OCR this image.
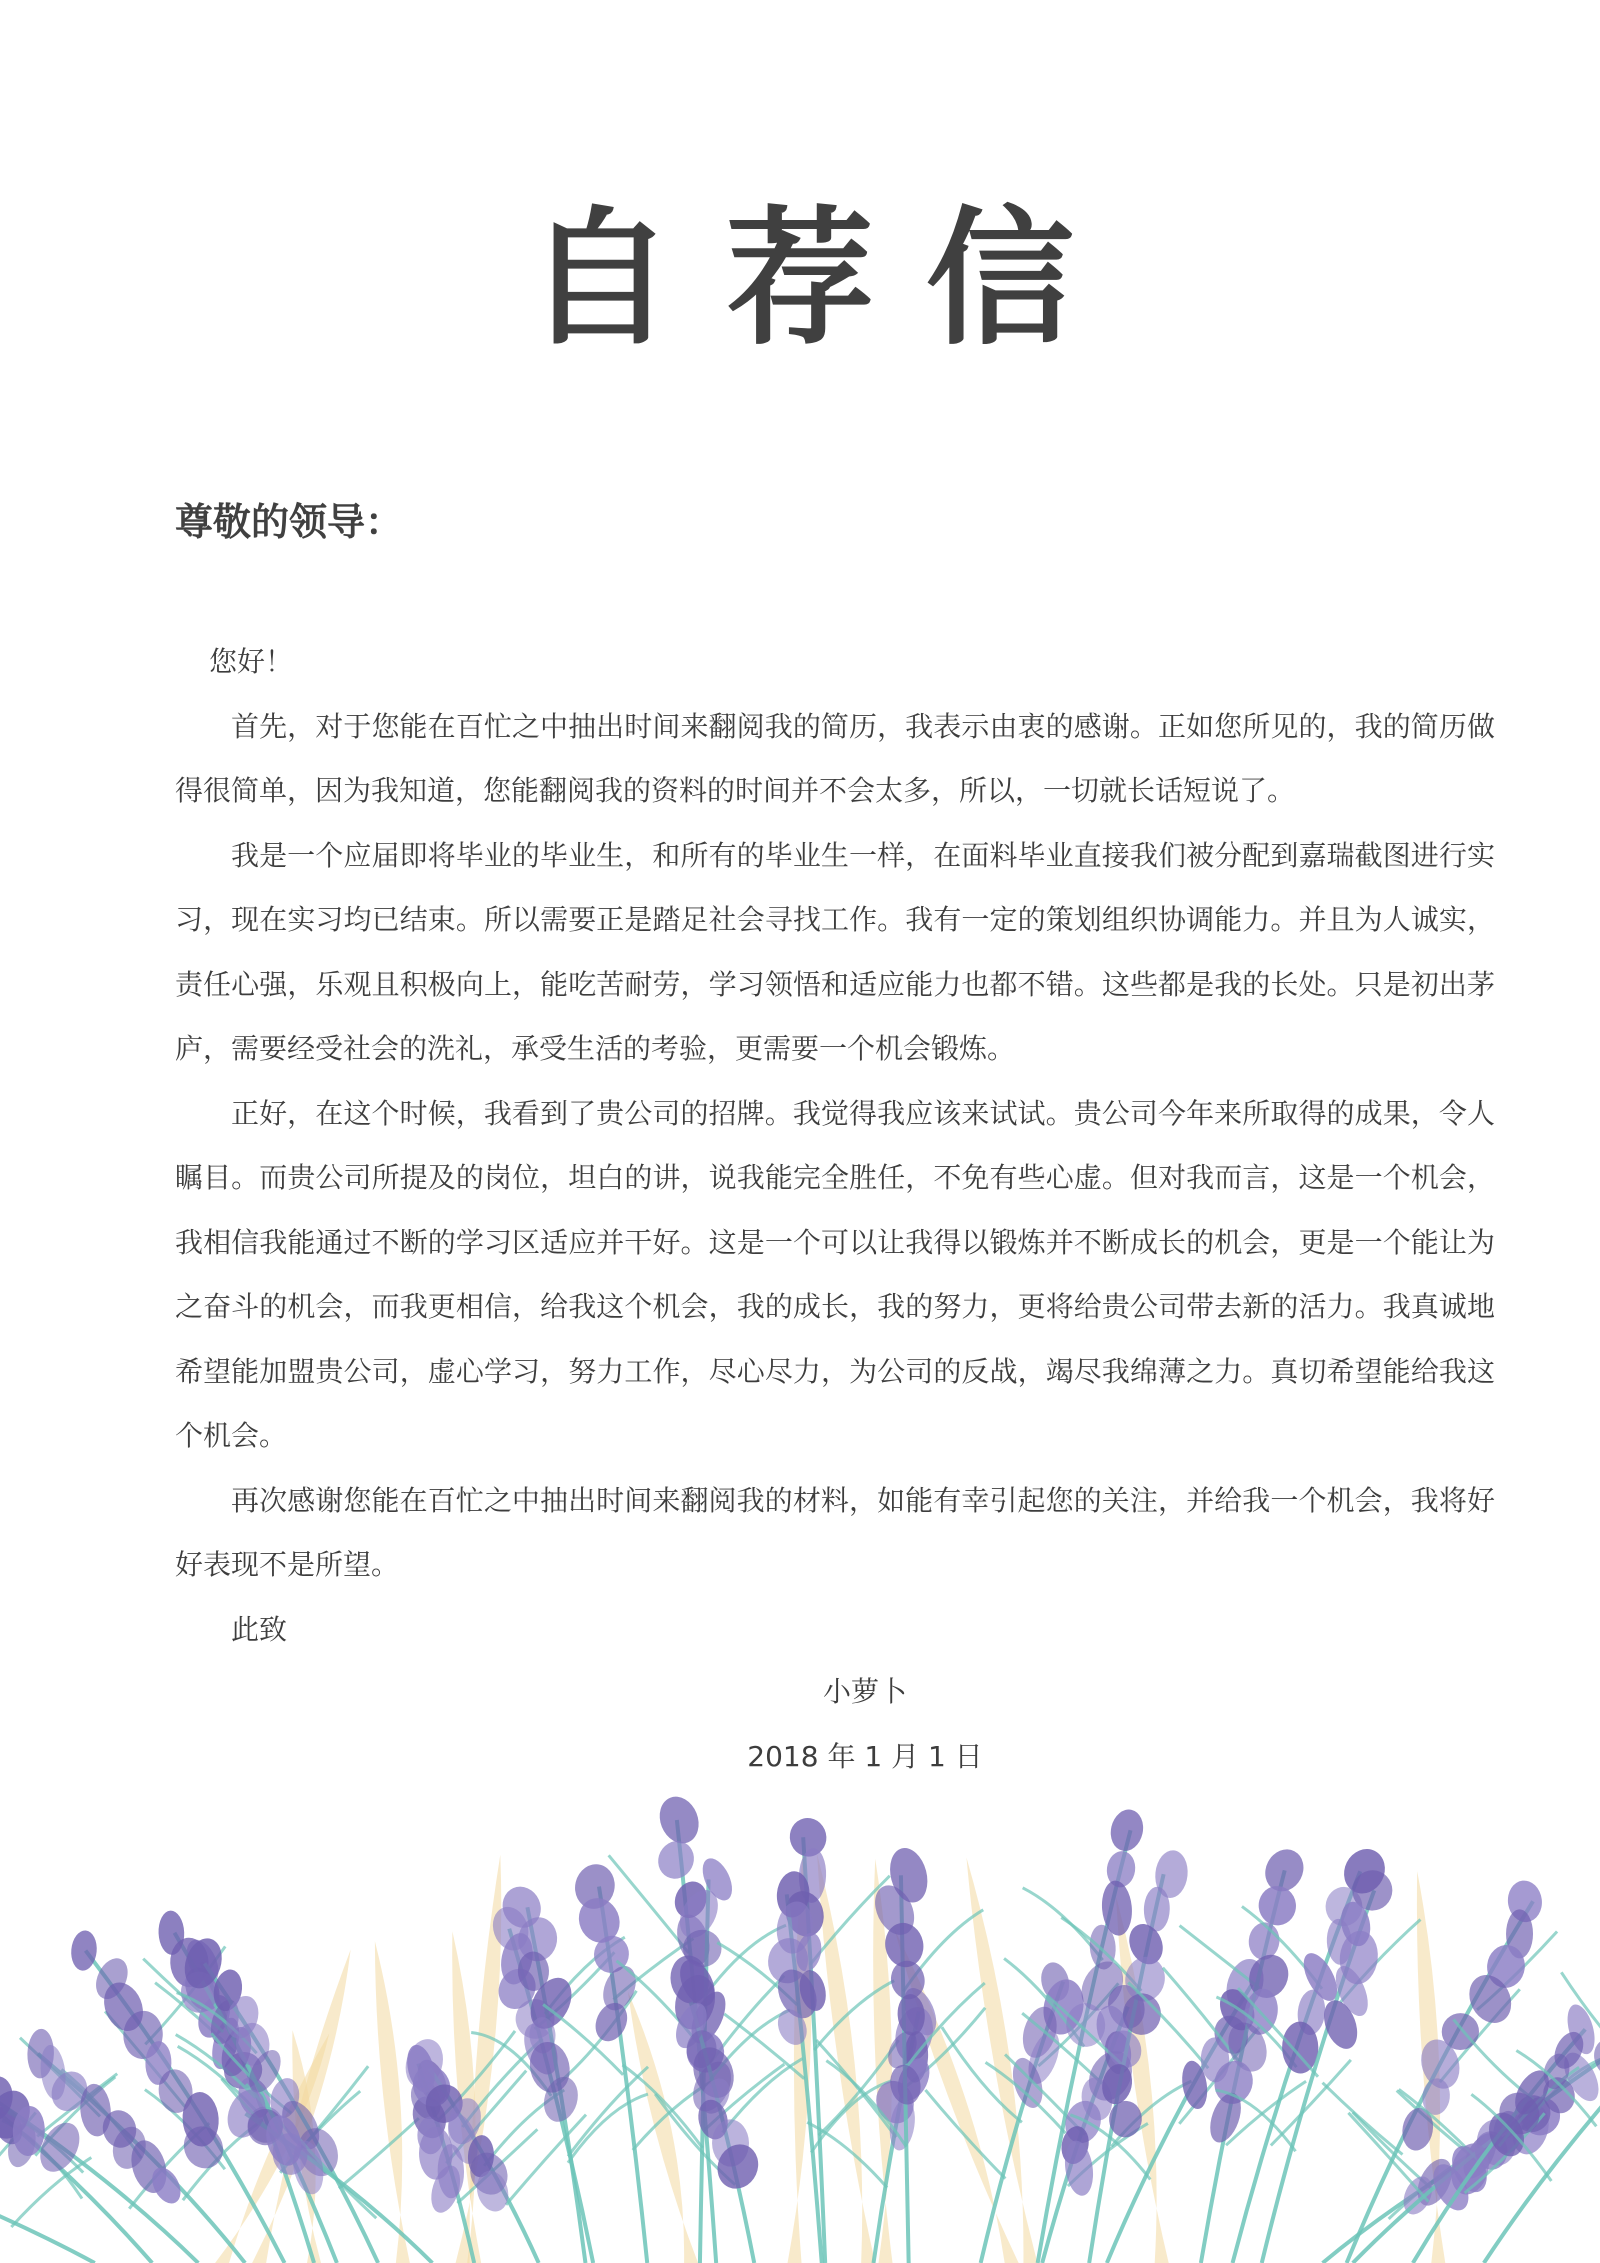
自荐信
尊敬的领导：

您好！

首先，对于您能在百忙之中抽出时间来翻阅我的简历，我表示由衷的感谢。正如您所见的，我的简历做得很简单，因为我知道，您能翻阅我的资料的时间并不会太多，所以，一切就长话短说了。

我是一个应届即将毕业的毕业生，和所有的毕业生一样，在面料毕业直接我们被分配到嘉瑞截图进行实习，现在实习均已结束。所以需要正是踏足社会寻找工作。我有一定的策划组织协调能力。并且为人诚实，责任心强，乐观且积极向上，能吃苦耐劳，学习领悟和适应能力也都不错。这些都是我的长处。只是初出茅庐，需要经受社会的洗礼，承受生活的考验，更需要一个机会锻炼。

正好，在这个时候，我看到了贵公司的招牌。我觉得我应该来试试。贵公司今年来所取得的成果，令人瞩目。而贵公司所提及的岗位，坦白的讲，说我能完全胜任，不免有些心虚。但对我而言，这是一个机会，我相信我能通过不断的学习区适应并干好。这是一个可以让我得以锻炼并不断成长的机会，更是一个能让为之奋斗的机会，而我更相信，给我这个机会，我的成长，我的努力，更将给贵公司带去新的活力。我真诚地希望能加盟贵公司，虚心学习，努力工作，尽心尽力，为公司的反战，竭尽我绵薄之力。真切希望能给我这个机会。

再次感谢您能在百忙之中抽出时间来翻阅我的材料，如能有幸引起您的关注，并给我一个机会，我将好好表现不是所望。

此致

小萝卜
2018 年 1 月 1 日
